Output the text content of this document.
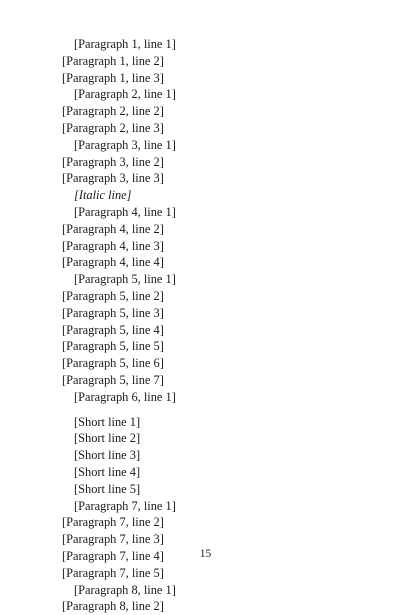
[Paragraph 1, line 1]
[Paragraph 1, line 2]
[Paragraph 1, line 3]
[Paragraph 2, line 1]
[Paragraph 2, line 2]
[Paragraph 2, line 3]
[Paragraph 3, line 1]
[Paragraph 3, line 2]
[Paragraph 3, line 3]
[Italic line]
[Paragraph 4, line 1]
[Paragraph 4, line 2]
[Paragraph 4, line 3]
[Paragraph 4, line 4]
[Paragraph 5, line 1]
[Paragraph 5, line 2]
[Paragraph 5, line 3]
[Paragraph 5, line 4]
[Paragraph 5, line 5]
[Paragraph 5, line 6]
[Paragraph 5, line 7]
[Paragraph 6, line 1]
[Short line 1]
[Short line 2]
[Short line 3]
[Short line 4]
[Short line 5]
[Paragraph 7, line 1]
[Paragraph 7, line 2]
[Paragraph 7, line 3]
[Paragraph 7, line 4]
[Paragraph 7, line 5]
[Paragraph 8, line 1]
[Paragraph 8, line 2]
15
